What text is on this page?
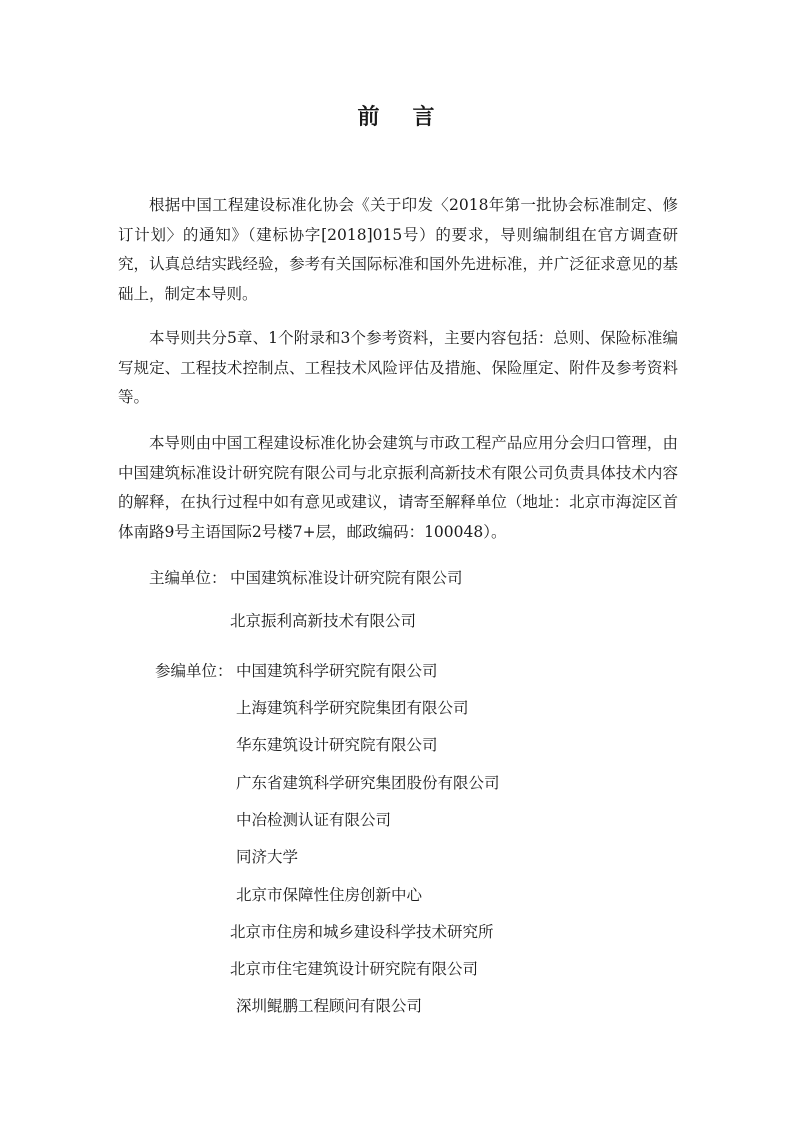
前 言

根据中国工程建设标准化协会《关于印发〈2018年第一批协会标准制定、修订计划〉的通知》（建标协字[2018]015号）的要求，导则编制组在官方调查研究，认真总结实践经验，参考有关国际标准和国外先进标准，并广泛征求意见的基础上，制定本导则。

本导则共分5章、1个附录和3个参考资料，主要内容包括：总则、保险标准编写规定、工程技术控制点、工程技术风险评估及措施、保险厘定、附件及参考资料等。

本导则由中国工程建设标准化协会建筑与市政工程产品应用分会归口管理，由中国建筑标准设计研究院有限公司与北京振利高新技术有限公司负责具体技术内容的解释，在执行过程中如有意见或建议，请寄至解释单位（地址：北京市海淀区首体南路9号主语国际2号楼7+层，邮政编码：100048）。

主编单位： 中国建筑标准设计研究院有限公司
北京振利高新技术有限公司
参编单位： 中国建筑科学研究院有限公司
上海建筑科学研究院集团有限公司
华东建筑设计研究院有限公司
广东省建筑科学研究集团股份有限公司
中冶检测认证有限公司
同济大学
北京市保障性住房创新中心
北京市住房和城乡建设科学技术研究所
北京市住宅建筑设计研究院有限公司
深圳鲲鹏工程顾问有限公司
